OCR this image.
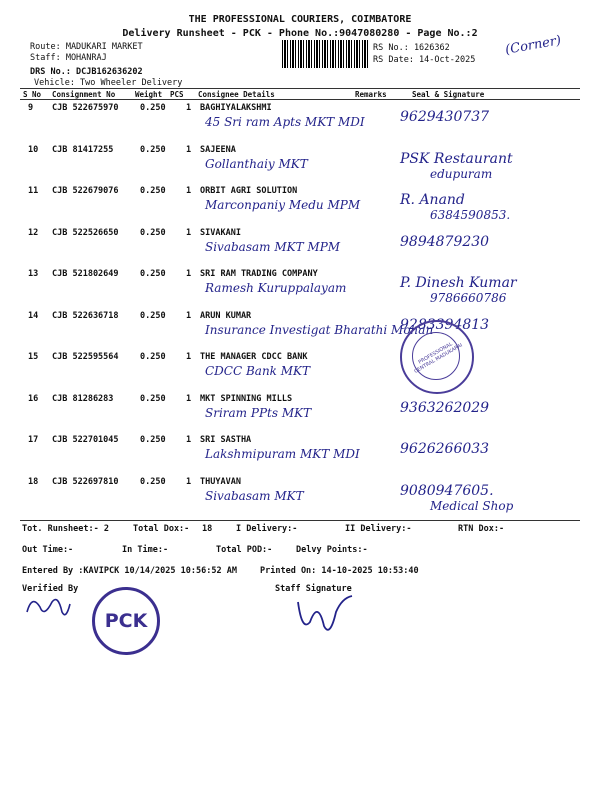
THE PROFESSIONAL COURIERS, COIMBATORE
Delivery Runsheet - PCK - Phone No.:9047080280 - Page No.:2
Route: MADUKARI MARKET
Staff: MOHANRAJ
DRS No.: DCJB162636202
Vehicle: Two Wheeler Delivery
RS No.: 1626362
RS Date: 14-Oct-2025
(Corner)
S No Consignment No	Weight PCS Consignee Details	Remarks	Seal & Signature
9 CJB 522675970	0.250 1 BAGHIYALAKSHMI
45 Sri ram Apts MKT MDI	9629430737
10 CJB 81417255	0.250 1 SAJEENA
Gollanthaiy MKT	PSK Restaurant
edupuram
11 CJB 522679076	0.250 1 ORBIT AGRI SOLUTION
Marconpaniy Medu MPM	R. Anand
6384590853.
12 CJB 522526650	0.250 1 SIVAKANI
Sivabasam MKT MPM	9894879230
13 CJB 521802649	0.250 1 SRI RAM TRADING COMPANY
Ramesh Kuruppalayam	P. Dinesh Kumar
9786660786
14 CJB 522636718	0.250 1 ARUN KUMAR
Insurance Investigat Bharathi Mohan
9283394813
15 CJB 522595564	0.250 1 THE MANAGER CDCC BANK
CDCC Bank MKT
16 CJB 81286283	0.250 1 MKT SPINNING MILLS
Sriram PPts MKT	9363262029
17 CJB 522701045	0.250 1 SRI SASTHA
Lakshmipuram MKT MDI	9626266033
18 CJB 522697810	0.250 1 THUYAVAN
Sivabasam MKT	9080947605.
Medical Shop
PROFESSIONAL CENTRAL MADUKARAI
Tot. Runsheet:- 2	Total Dox:- 18	I Delivery:-	II Delivery:-	RTN Dox:-
Out Time:-	In Time:-	Total POD:-	Delvy Points:-
Entered By :KAVIPCK 10/14/2025 10:56:52 AM	Printed On: 14-10-2025 10:53:40
Verified By	Staff Signature
PCK
